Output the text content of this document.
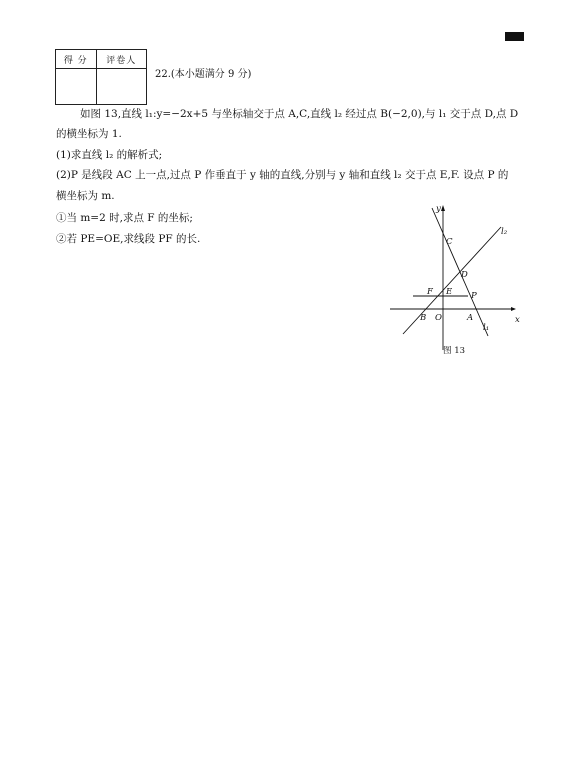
得 分	评卷人

22.(本小题满分 9 分)
如图 13,直线 l₁:y=−2x+5 与坐标轴交于点 A,C,直线 l₂ 经过点 B(−2,0),与 l₁ 交于点 D,点 D
的横坐标为 1.
(1)求直线 l₂ 的解析式;
(2)P 是线段 AC 上一点,过点 P 作垂直于 y 轴的直线,分别与 y 轴和直线 l₂ 交于点 E,F. 设点 P 的
横坐标为 m.
①当 m=2 时,求点 F 的坐标;
②若 PE=OE,求线段 PF 的长.
y
x
C
D
F E P
B O	A
l₁
l₂
图 13
